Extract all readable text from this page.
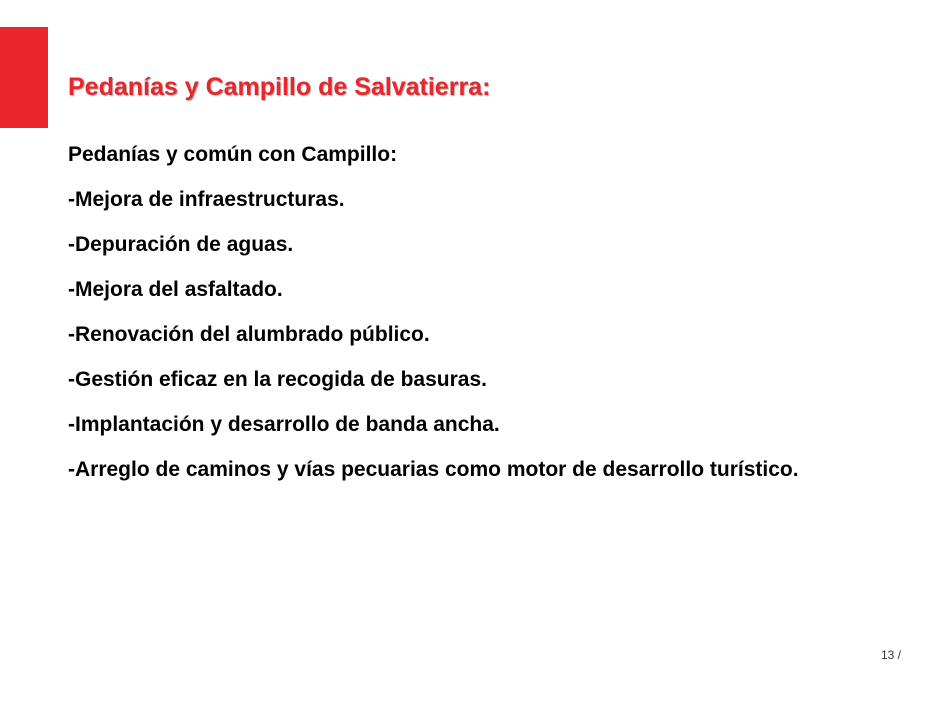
Pedanías y Campillo de Salvatierra:

Pedanías y común con Campillo:

-Mejora de infraestructuras.

-Depuración de aguas.

-Mejora del asfaltado.

-Renovación del alumbrado público.

-Gestión eficaz en la recogida de basuras.

-Implantación y desarrollo de banda ancha.

-Arreglo de caminos y vías pecuarias como motor de desarrollo turístico.

13 /
